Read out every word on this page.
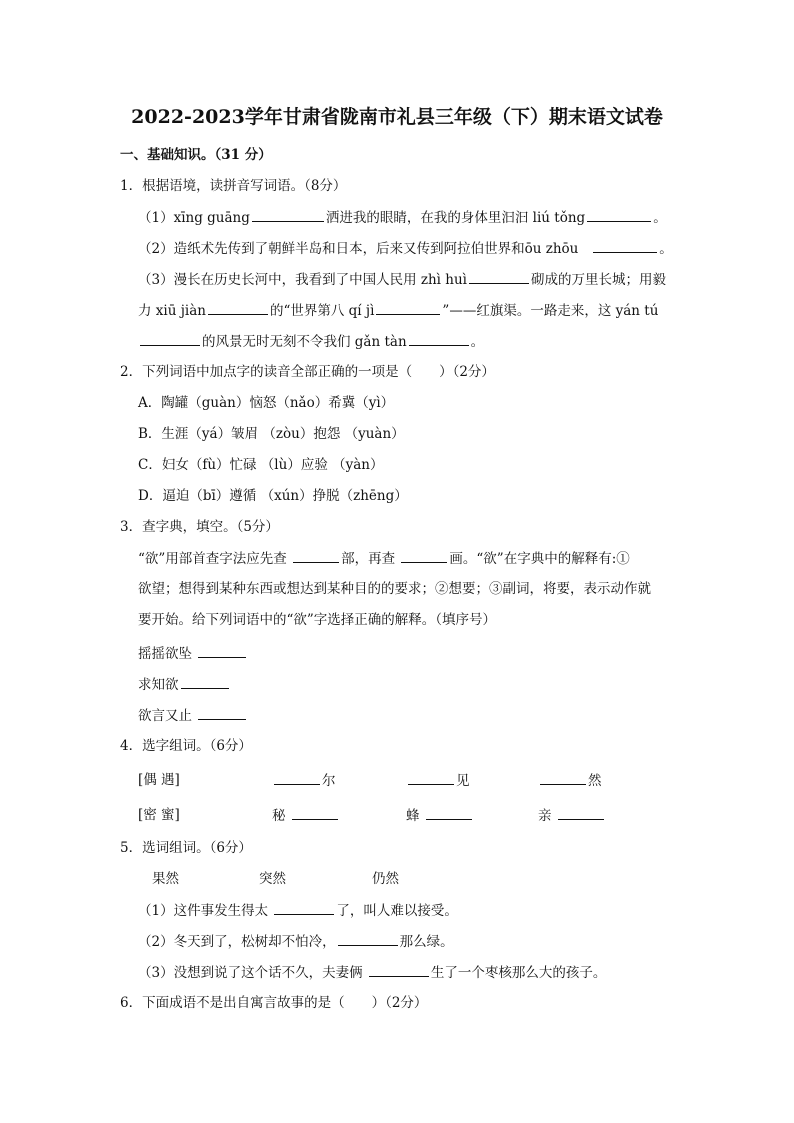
2022-2023学年甘肃省陇南市礼县三年级（下）期末语文试卷
一、基础知识。（31 分）
1．根据语境，读拼音写词语。（8分）
（1）xīng guāng	洒进我的眼睛，在我的身体里汩汩 liú tǒng	。
（2）造纸术先传到了朝鲜半岛和日本，后来又传到阿拉伯世界和ōu zhōu	。
（3）漫长在历史长河中，我看到了中国人民用 zhì huì	砌成的万里长城；用毅
力 xiū jiàn	的“世界第八 qí jì	”——红旗渠。一路走来，这 yán tú
的风景无时无刻不令我们 gǎn tàn	。
2．下列词语中加点字的读音全部正确的一项是（　　）（2分）
A．陶罐（guàn）恼怒（nǎo）希冀（yì）
B．生涯（yá）皱眉 （zòu）抱怨 （yuàn）
C．妇女（fù）忙碌 （lù）应验 （yàn）
D．逼迫（bī）遵循 （xún）挣脱（zhēng）
3．查字典，填空。（5分）
“欲”用部首查字法应先查	部，再查	画。“欲”在字典中的解释有:①
欲望；想得到某种东西或想达到某种目的的要求；②想要；③副词，将要，表示动作就
要开始。给下列词语中的“欲”字选择正确的解释。（填序号）
摇摇欲坠
求知欲
欲言又止
4．选字组词。（6分）
[偶 遇]	尔	见	然
[密 蜜]	秘	蜂	亲
5．选词组词。（6分）
果然	突然	仍然
（1）这件事发生得太	了，叫人难以接受。
（2）冬天到了，松树却不怕冷，	那么绿。
（3）没想到说了这个话不久，夫妻俩	生了一个枣核那么大的孩子。
6．下面成语不是出自寓言故事的是（　　）（2分）
